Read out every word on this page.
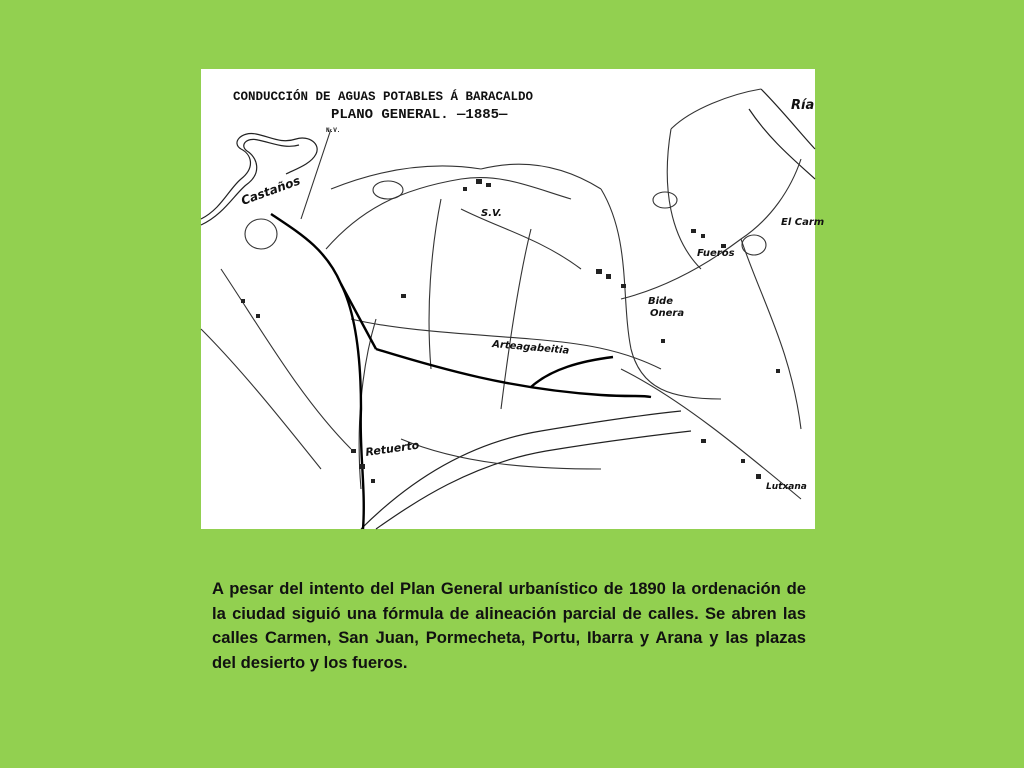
CONDUCCIÓN DE AGUAS POTABLES Á BARACALDO
PLANO GENERAL. —1885—
N.V.
Castaños
S.V.
Ría
El Carm
Fueros
Bide
Onera
Arteagabeitia
Retuerto
Lutxana
A pesar del intento del Plan General urbanístico de 1890 la ordenación de la ciudad siguió una fórmula de alineación parcial de calles. Se abren las calles Carmen, San Juan, Pormecheta, Portu, Ibarra y Arana y las plazas del desierto y los fueros.
